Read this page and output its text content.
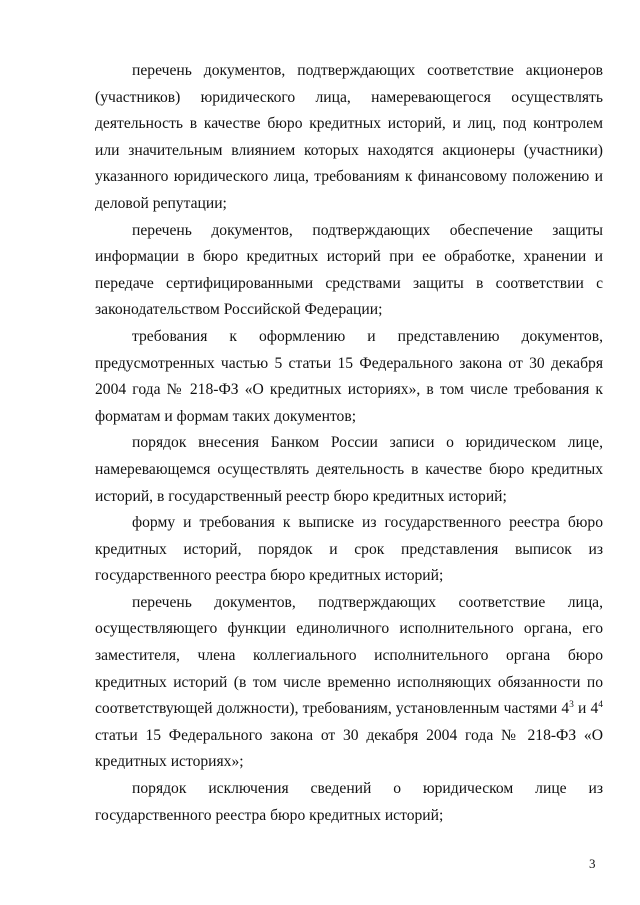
перечень документов, подтверждающих соответствие акционеров (участников) юридического лица, намеревающегося осуществлять деятельность в качестве бюро кредитных историй, и лиц, под контролем или значительным влиянием которых находятся акционеры (участники) указанного юридического лица, требованиям к финансовому положению и деловой репутации;

перечень документов, подтверждающих обеспечение защиты информации в бюро кредитных историй при ее обработке, хранении и передаче сертифицированными средствами защиты в соответствии с законодательством Российской Федерации;

требования к оформлению и представлению документов, предусмотренных частью 5 статьи 15 Федерального закона от 30 декабря 2004 года № 218-ФЗ «О кредитных историях», в том числе требования к форматам и формам таких документов;

порядок внесения Банком России записи о юридическом лице, намеревающемся осуществлять деятельность в качестве бюро кредитных историй, в государственный реестр бюро кредитных историй;

форму и требования к выписке из государственного реестра бюро кредитных историй, порядок и срок представления выписок из государственного реестра бюро кредитных историй;

перечень документов, подтверждающих соответствие лица, осуществляющего функции единоличного исполнительного органа, его заместителя, члена коллегиального исполнительного органа бюро кредитных историй (в том числе временно исполняющих обязанности по соответствующей должности), требованиям, установленным частями $4^3$ и $4^4$ статьи 15 Федерального закона от 30 декабря 2004 года № 218-ФЗ «О кредитных историях»;

порядок исключения сведений о юридическом лице из государственного реестра бюро кредитных историй;

3
